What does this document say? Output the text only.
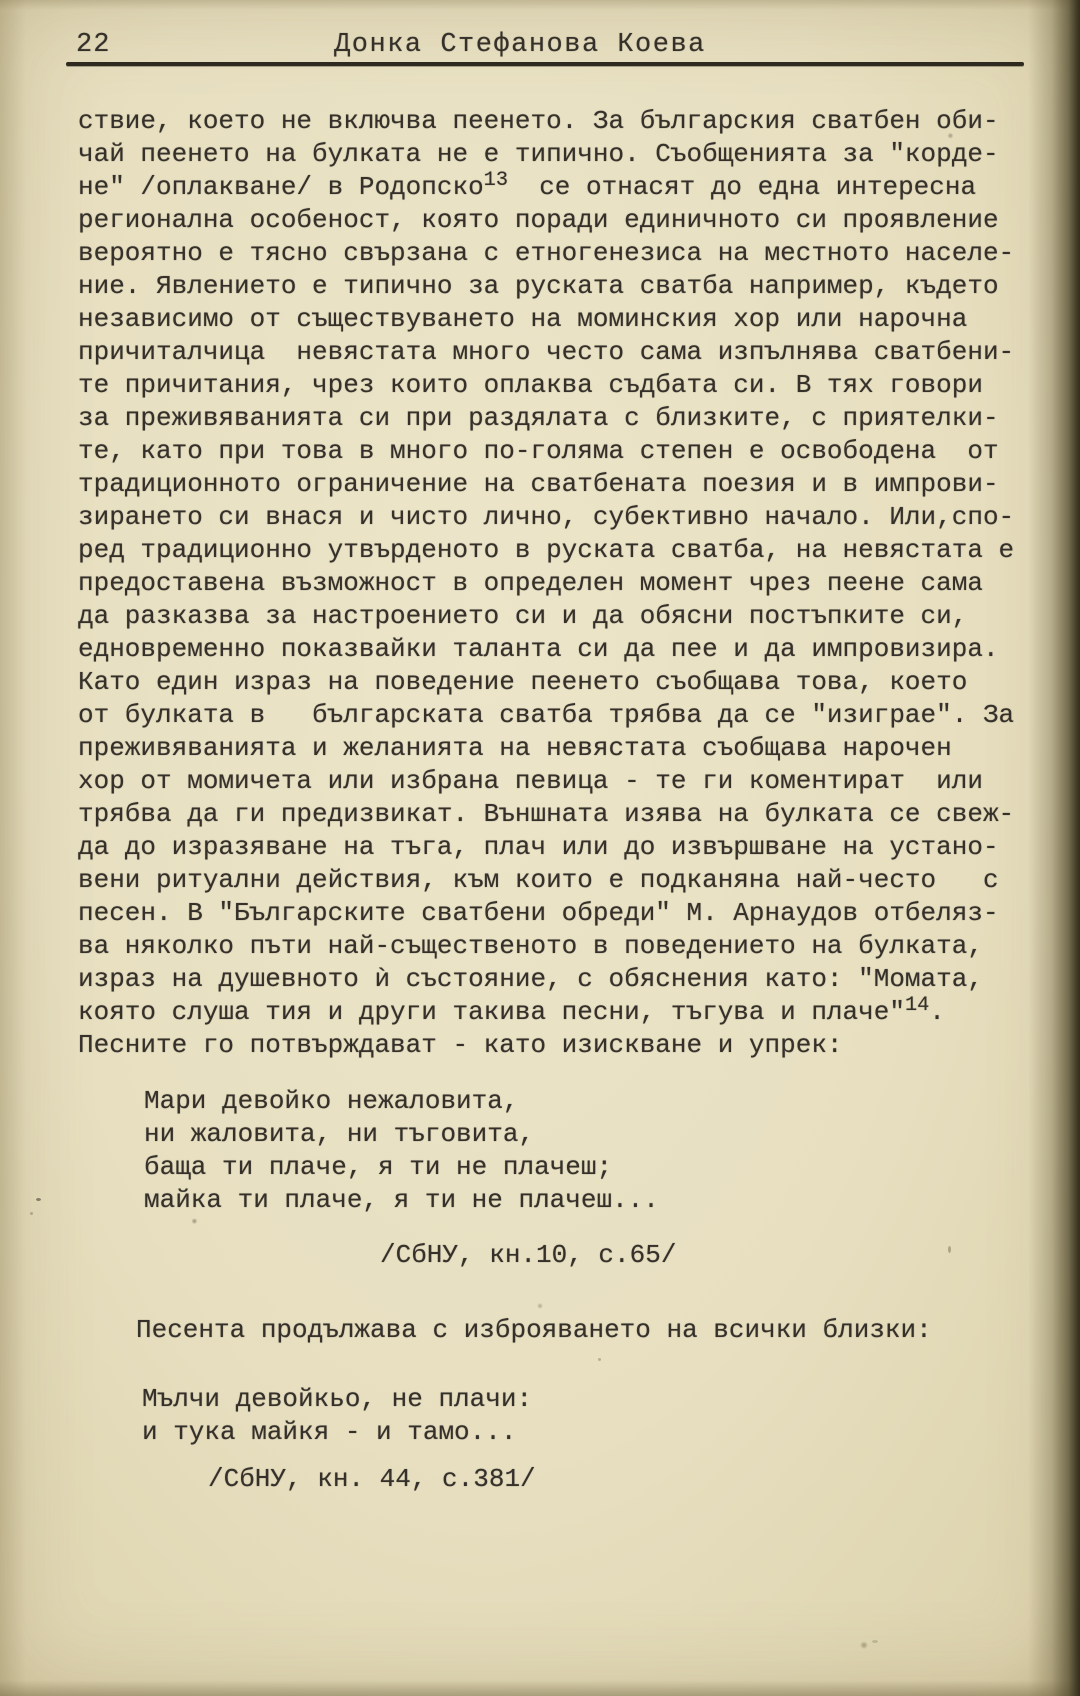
22	Донка Стефанова Коева
ствие, което не включва пеенето. За българския сватбен оби-
чай пеенето на булката не е типично. Съобщенията за "корде-
не" /оплакване/ в Родопско$^{13}$  се отнасят до една интересна
регионална особеност, която поради единичното си проявление
вероятно е тясно свързана с етногенезиса на местното населе-
ние. Явлението е типично за руската сватба например, където
независимо от съществуването на моминския хор или нарочна
причиталчица  невястата много често сама изпълнява сватбени-
те причитания, чрез които оплаква съдбата си. В тях говори
за преживяванията си при раздялата с близките, с приятелки-
те, като при това в много по-голяма степен е освободена  от
традиционното ограничение на сватбената поезия и в импрови-
зирането си внася и чисто лично, субективно начало. Или,спо-
ред традиционно утвърденото в руската сватба, на невястата е
предоставена възможност в определен момент чрез пеене сама
да разказва за настроението си и да обясни постъпките си,
едновременно показвайки таланта си да пее и да импровизира.
Като един израз на поведение пеенето съобщава това, което
от булката в   българската сватба трябва да се "изиграе". За
преживяванията и желанията на невястата съобщава нарочен
хор от момичета или избрана певица - те ги коментират  или
трябва да ги предизвикат. Външната изява на булката се свеж-
да до изразяване на тъга, плач или до извършване на устано-
вени ритуални действия, към които е подканяна най-често   с
песен. В "Българските сватбени обреди" М. Арнаудов отбеляз-
ва няколко пъти най-същественото в поведението на булката,
израз на душевното ѝ състояние, с обяснения като: "Момата,
която слуша тия и други такива песни, тъгува и плаче"$^{14}$.
Песните го потвърждават - като изискване и упрек:
Мари девойко нежаловита,
ни жаловита, ни тъговита,
баща ти плаче, я ти не плачеш;
майка ти плаче, я ти не плачеш...
/СбНУ, кн.10, с.65/
Песента продължава с изброяването на всички близки:
Мълчи девойкьо, не плачи:
и тука майкя - и тамо...
/СбНУ, кн. 44, с.381/
